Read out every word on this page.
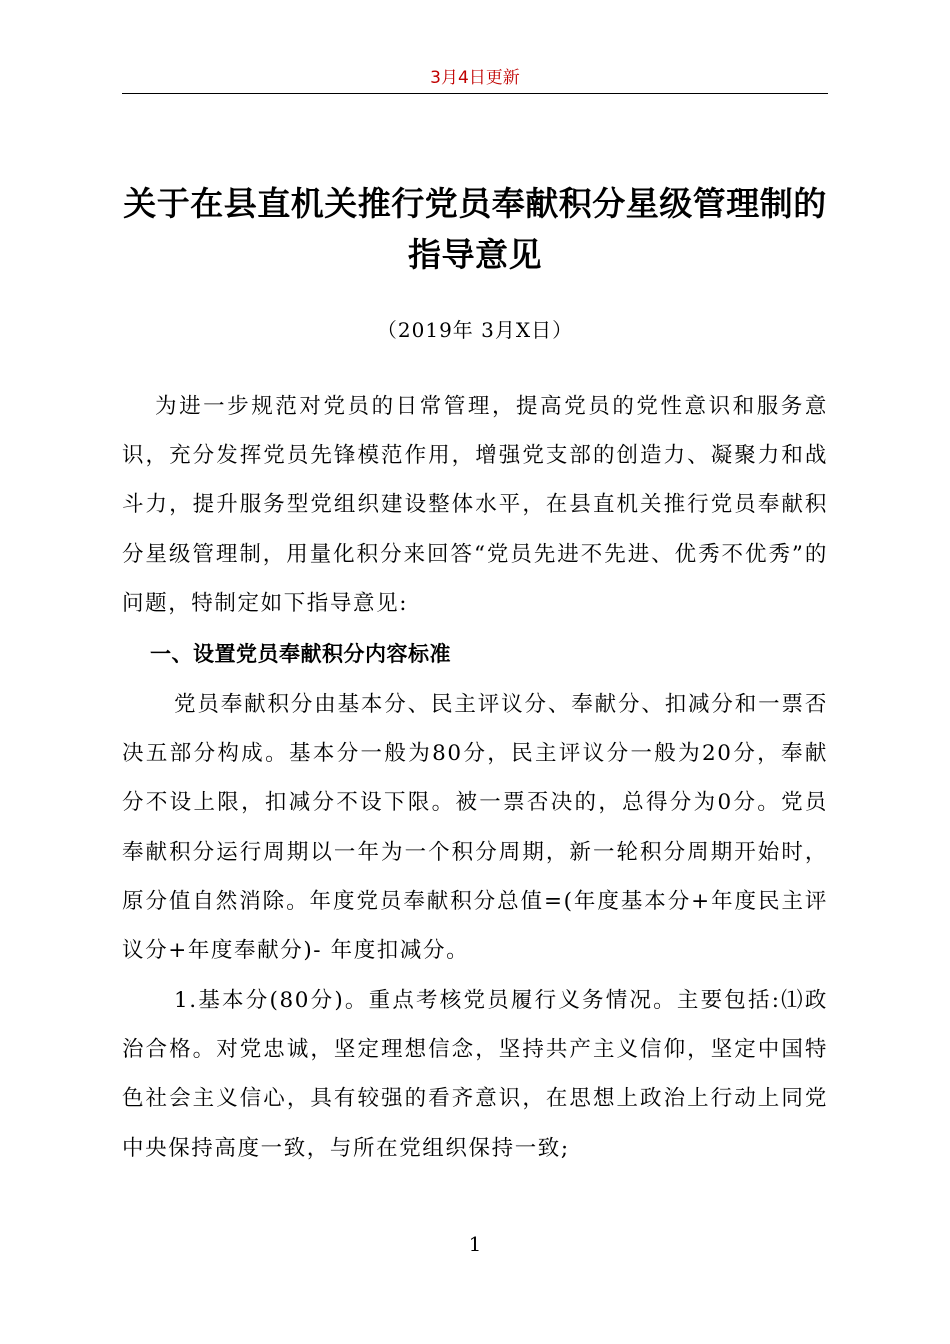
3月4日更新
关于在县直机关推行党员奉献积分星级管理制的指导意见
（2019年 3月X日）
为进一步规范对党员的日常管理，提高党员的党性意识和服务意识，充分发挥党员先锋模范作用，增强党支部的创造力、凝聚力和战斗力，提升服务型党组织建设整体水平，在县直机关推行党员奉献积分星级管理制，用量化积分来回答“党员先进不先进、优秀不优秀”的问题，特制定如下指导意见:
一、设置党员奉献积分内容标准
党员奉献积分由基本分、民主评议分、奉献分、扣减分和一票否决五部分构成。基本分一般为80分，民主评议分一般为20分，奉献分不设上限，扣减分不设下限。被一票否决的，总得分为0分。党员奉献积分运行周期以一年为一个积分周期，新一轮积分周期开始时，原分值自然消除。年度党员奉献积分总值=(年度基本分+年度民主评议分+年度奉献分)- 年度扣减分。
1.基本分(80分)。重点考核党员履行义务情况。主要包括:⑴政治合格。对党忠诚，坚定理想信念，坚持共产主义信仰，坚定中国特色社会主义信心，具有较强的看齐意识，在思想上政治上行动上同党中央保持高度一致，与所在党组织保持一致;
1
